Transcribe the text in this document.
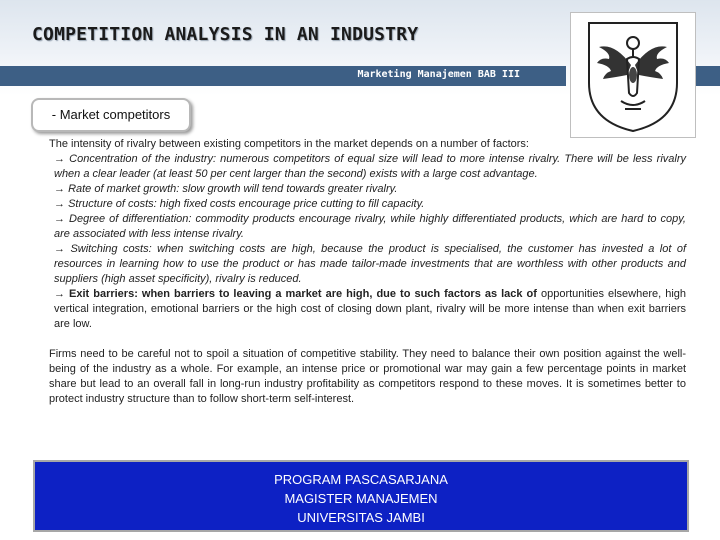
COMPETITION ANALYSIS IN AN INDUSTRY
Marketing Manajemen BAB III
- Market competitors

The intensity of rivalry between existing competitors in the market depends on a number of factors:

→ Concentration of the industry: numerous competitors of equal size will lead to more intense rivalry. There will be less rivalry when a clear leader (at least 50 per cent larger than the second) exists with a large cost advantage.

→ Rate of market growth: slow growth will tend towards greater rivalry.

→ Structure of costs: high fixed costs encourage price cutting to fill capacity.

→ Degree of differentiation: commodity products encourage rivalry, while highly differentiated products, which are hard to copy, are associated with less intense rivalry.

→ Switching costs: when switching costs are high, because the product is specialised, the customer has invested a lot of resources in learning how to use the product or has made tailor-made investments that are worthless with other products and suppliers (high asset specificity), rivalry is reduced.

→ Exit barriers: when barriers to leaving a market are high, due to such factors as lack of opportunities elsewhere, high vertical integration, emotional barriers or the high cost of closing down plant, rivalry will be more intense than when exit barriers are low.

Firms need to be careful not to spoil a situation of competitive stability. They need to balance their own position against the well-being of the industry as a whole. For example, an intense price or promotional war may gain a few percentage points in market share but lead to an overall fall in long-run industry profitability as competitors respond to these moves. It is sometimes better to protect industry structure than to follow short-term self-interest.

PROGRAM PASCASARJANA
MAGISTER MANAJEMEN
UNIVERSITAS JAMBI
